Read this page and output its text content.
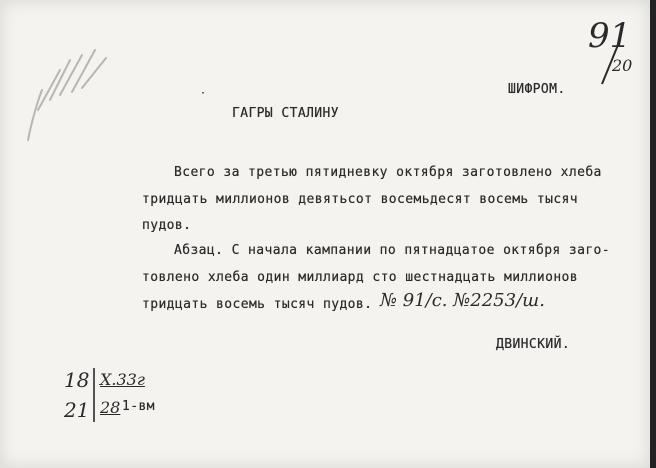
91
20
ШИФРОМ.
·
ГАГРЫ СТАЛИНУ
Всего за третью пятидневку октября заготовлено хлеба
тридцать миллионов девятьсот восемьдесят восемь тысяч
пудов.
Абзац. С начала кампании по пятнадцатое октября заго-
товлено хлеба один миллиард сто шестнадцать миллионов
тридцать восемь тысяч пудов. № 91/с. №2253/ш.
ДВИНСКИЙ.
18 X.33г
21 28 1-вм
